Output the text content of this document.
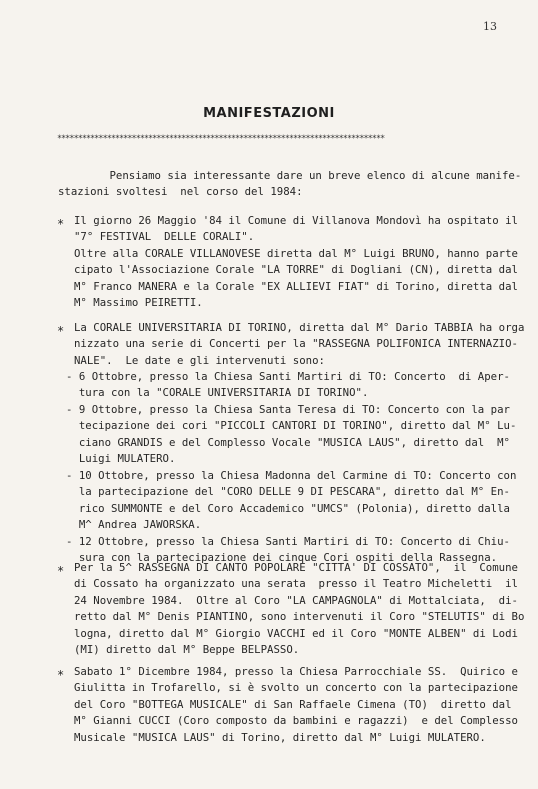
13
MANIFESTAZIONI
*******************************************************************************
Pensiamo sia interessante dare un breve elenco di alcune manife-
stazioni svoltesi  nel corso del 1984:
* Il giorno 26 Maggio '84 il Comune di Villanova Mondovì ha ospitato il
"7° FESTIVAL  DELLE CORALI".
Oltre alla CORALE VILLANOVESE diretta dal M° Luigi BRUNO, hanno parte
cipato l'Associazione Corale "LA TORRE" di Dogliani (CN), diretta dal
M° Franco MANERA e la Corale "EX ALLIEVI FIAT" di Torino, diretta dal
M° Massimo PEIRETTI.
* La CORALE UNIVERSITARIA DI TORINO, diretta dal M° Dario TABBIA ha orga
nizzato una serie di Concerti per la "RASSEGNA POLIFONICA INTERNAZIO-
NALE".  Le date e gli intervenuti sono:
- 6 Ottobre, presso la Chiesa Santi Martiri di TO: Concerto  di Aper-
tura con la "CORALE UNIVERSITARIA DI TORINO".
- 9 Ottobre, presso la Chiesa Santa Teresa di TO: Concerto con la par
tecipazione dei cori "PICCOLI CANTORI DI TORINO", diretto dal M° Lu-
ciano GRANDIS e del Complesso Vocale "MUSICA LAUS", diretto dal  M°
Luigi MULATERO.
- 10 Ottobre, presso la Chiesa Madonna del Carmine di TO: Concerto con
la partecipazione del "CORO DELLE 9 DI PESCARA", diretto dal M° En-
rico SUMMONTE e del Coro Accademico "UMCS" (Polonia), diretto dalla
M^ Andrea JAWORSKA.
- 12 Ottobre, presso la Chiesa Santi Martiri di TO: Concerto di Chiu-
sura con la partecipazione dei cinque Cori ospiti della Rassegna.
* Per la 5^ RASSEGNA DI CANTO POPOLARE "CITTA' DI COSSATO",  il  Comune
di Cossato ha organizzato una serata  presso il Teatro Micheletti  il
24 Novembre 1984.  Oltre al Coro "LA CAMPAGNOLA" di Mottalciata,  di-
retto dal M° Denis PIANTINO, sono intervenuti il Coro "STELUTIS" di Bo
logna, diretto dal M° Giorgio VACCHI ed il Coro "MONTE ALBEN" di Lodi
(MI) diretto dal M° Beppe BELPASSO.
* Sabato 1° Dicembre 1984, presso la Chiesa Parrocchiale SS.  Quirico e
Giulitta in Trofarello, si è svolto un concerto con la partecipazione
del Coro "BOTTEGA MUSICALE" di San Raffaele Cimena (TO)  diretto dal
M° Gianni CUCCI (Coro composto da bambini e ragazzi)  e del Complesso
Musicale "MUSICA LAUS" di Torino, diretto dal M° Luigi MULATERO.
